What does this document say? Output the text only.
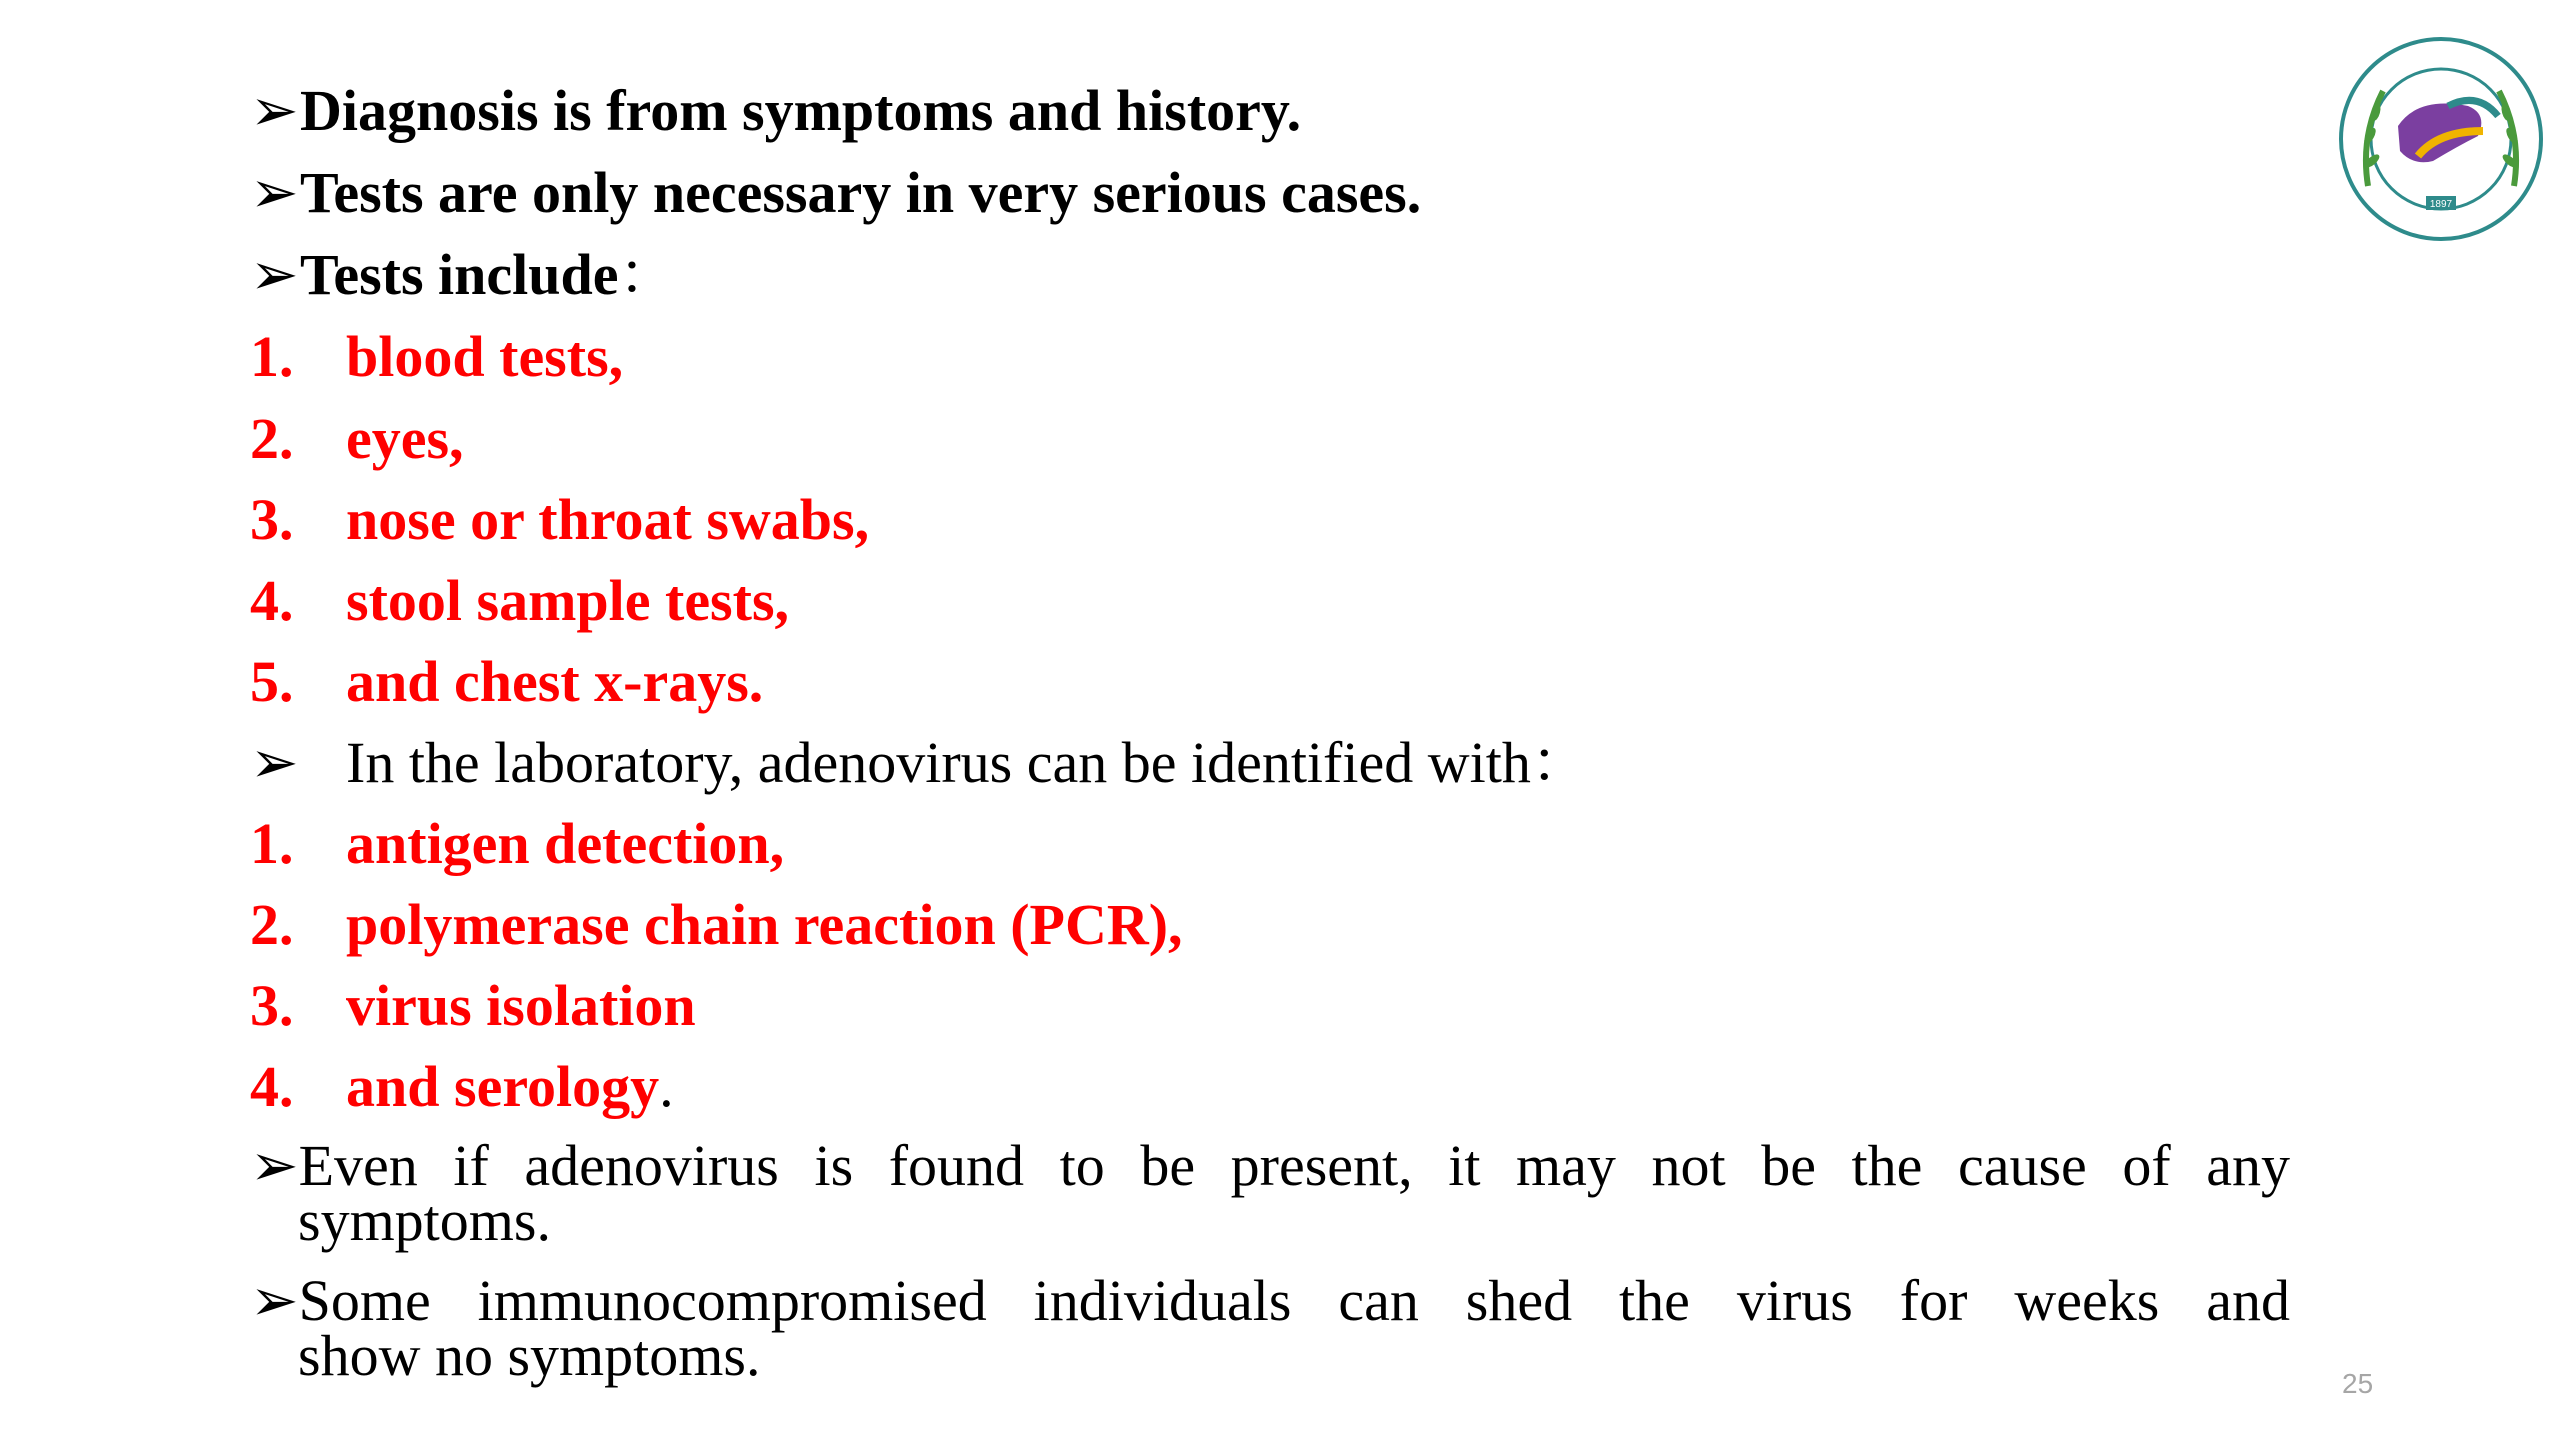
➢Diagnosis is from symptoms and history.
➢Tests are only necessary in very serious cases.
➢Tests include：
1. blood tests,
2. eyes,
3. nose or throat swabs,
4. stool sample tests,
5. and chest x-rays.
➢ In the laboratory, adenovirus can be identified with：
1. antigen detection,
2. polymerase chain reaction (PCR),
3. virus isolation
4. and serology.
➢Even if adenovirus is found to be present, it may not be the cause of any
symptoms.
➢Some immunocompromised individuals can shed the virus for weeks and
show no symptoms.
1897
25
